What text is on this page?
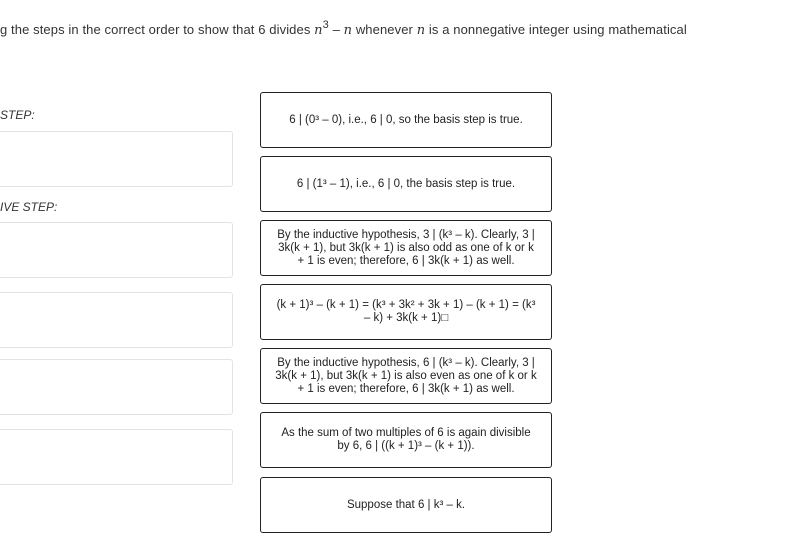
g the steps in the correct order to show that 6 divides $n^3$ – n whenever n is a nonnegative integer using mathematical
STEP:
IVE STEP:
6 | (0³ – 0), i.e., 6 | 0, so the basis step is true.
6 | (1³ – 1), i.e., 6 | 0, the basis step is true.
By the inductive hypothesis, 3 | (k³ – k). Clearly, 3 | 3k(k + 1), but 3k(k + 1) is also odd as one of k or k + 1 is even; therefore, 6 | 3k(k + 1) as well.
(k + 1)³ – (k + 1) = (k³ + 3k² + 3k + 1) – (k + 1) = (k³ – k) + 3k(k + 1)□
By the inductive hypothesis, 6 | (k³ – k). Clearly, 3 | 3k(k + 1), but 3k(k + 1) is also even as one of k or k + 1 is even; therefore, 6 | 3k(k + 1) as well.
As the sum of two multiples of 6 is again divisible by 6, 6 | ((k + 1)³ – (k + 1)).
Suppose that 6 | k³ – k.
